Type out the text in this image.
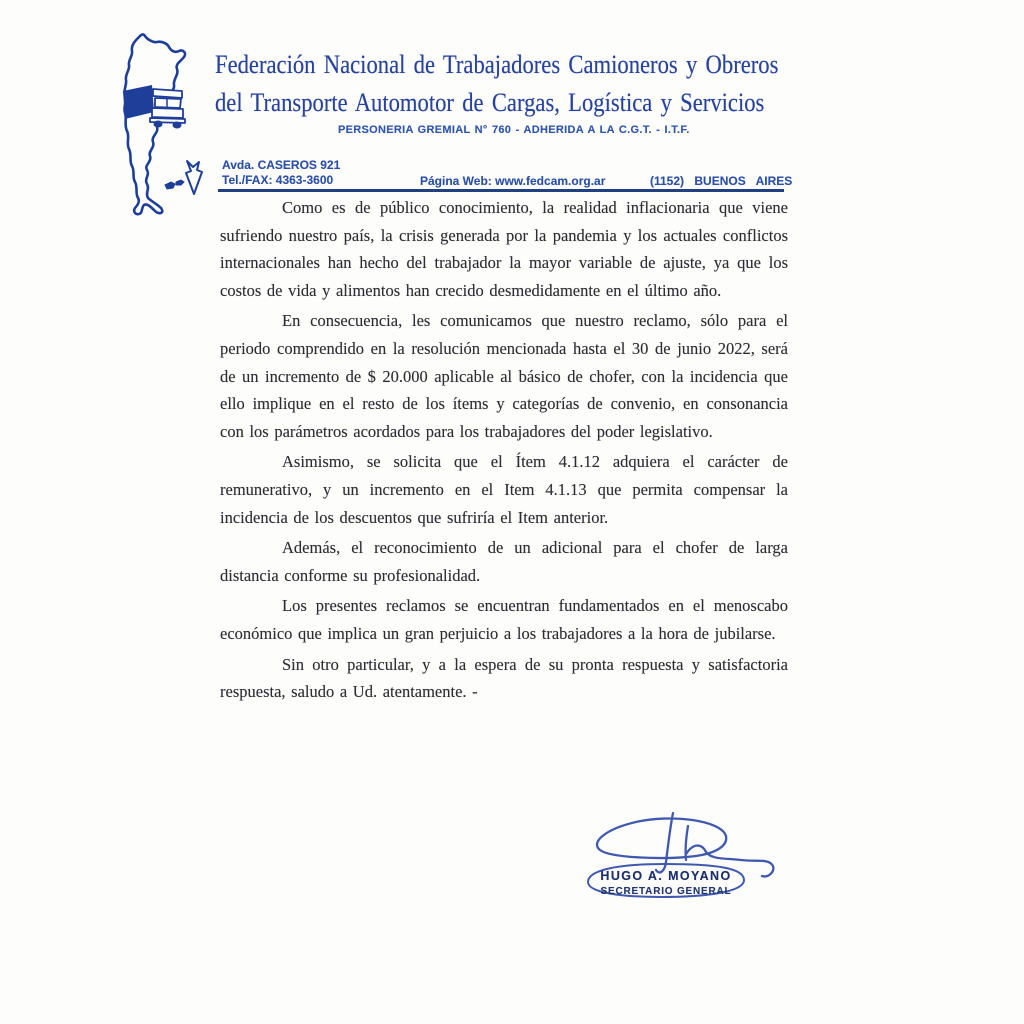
Federación Nacional de Trabajadores Camioneros y Obreros
del Transporte Automotor de Cargas, Logística y Servicios
PERSONERIA GREMIAL N° 760 - ADHERIDA A LA C.G.T. - I.T.F.
Avda. CASEROS 921
Tel./FAX: 4363-3600	Página Web: www.fedcam.org.ar	(1152) BUENOS AIRES

Como es de público conocimiento, la realidad inflacionaria que viene sufriendo nuestro país, la crisis generada por la pandemia y los actuales conflictos internacionales han hecho del trabajador la mayor variable de ajuste, ya que los costos de vida y alimentos han crecido desmedidamente en el último año.

En consecuencia, les comunicamos que nuestro reclamo, sólo para el periodo comprendido en la resolución mencionada hasta el 30 de junio 2022, será de un incremento de $ 20.000 aplicable al básico de chofer, con la incidencia que ello implique en el resto de los ítems y categorías de convenio, en consonancia con los parámetros acordados para los trabajadores del poder legislativo.

Asimismo, se solicita que el Ítem 4.1.12 adquiera el carácter de remunerativo, y un incremento en el Item 4.1.13 que permita compensar la incidencia de los descuentos que sufriría el Item anterior.

Además, el reconocimiento de un adicional para el chofer de larga distancia conforme su profesionalidad.

Los presentes reclamos se encuentran fundamentados en el menoscabo económico que implica un gran perjuicio a los trabajadores a la hora de jubilarse.

Sin otro particular, y a la espera de su pronta respuesta y satisfactoria respuesta, saludo a Ud. atentamente. -

HUGO A. MOYANO
SECRETARIO GENERAL
